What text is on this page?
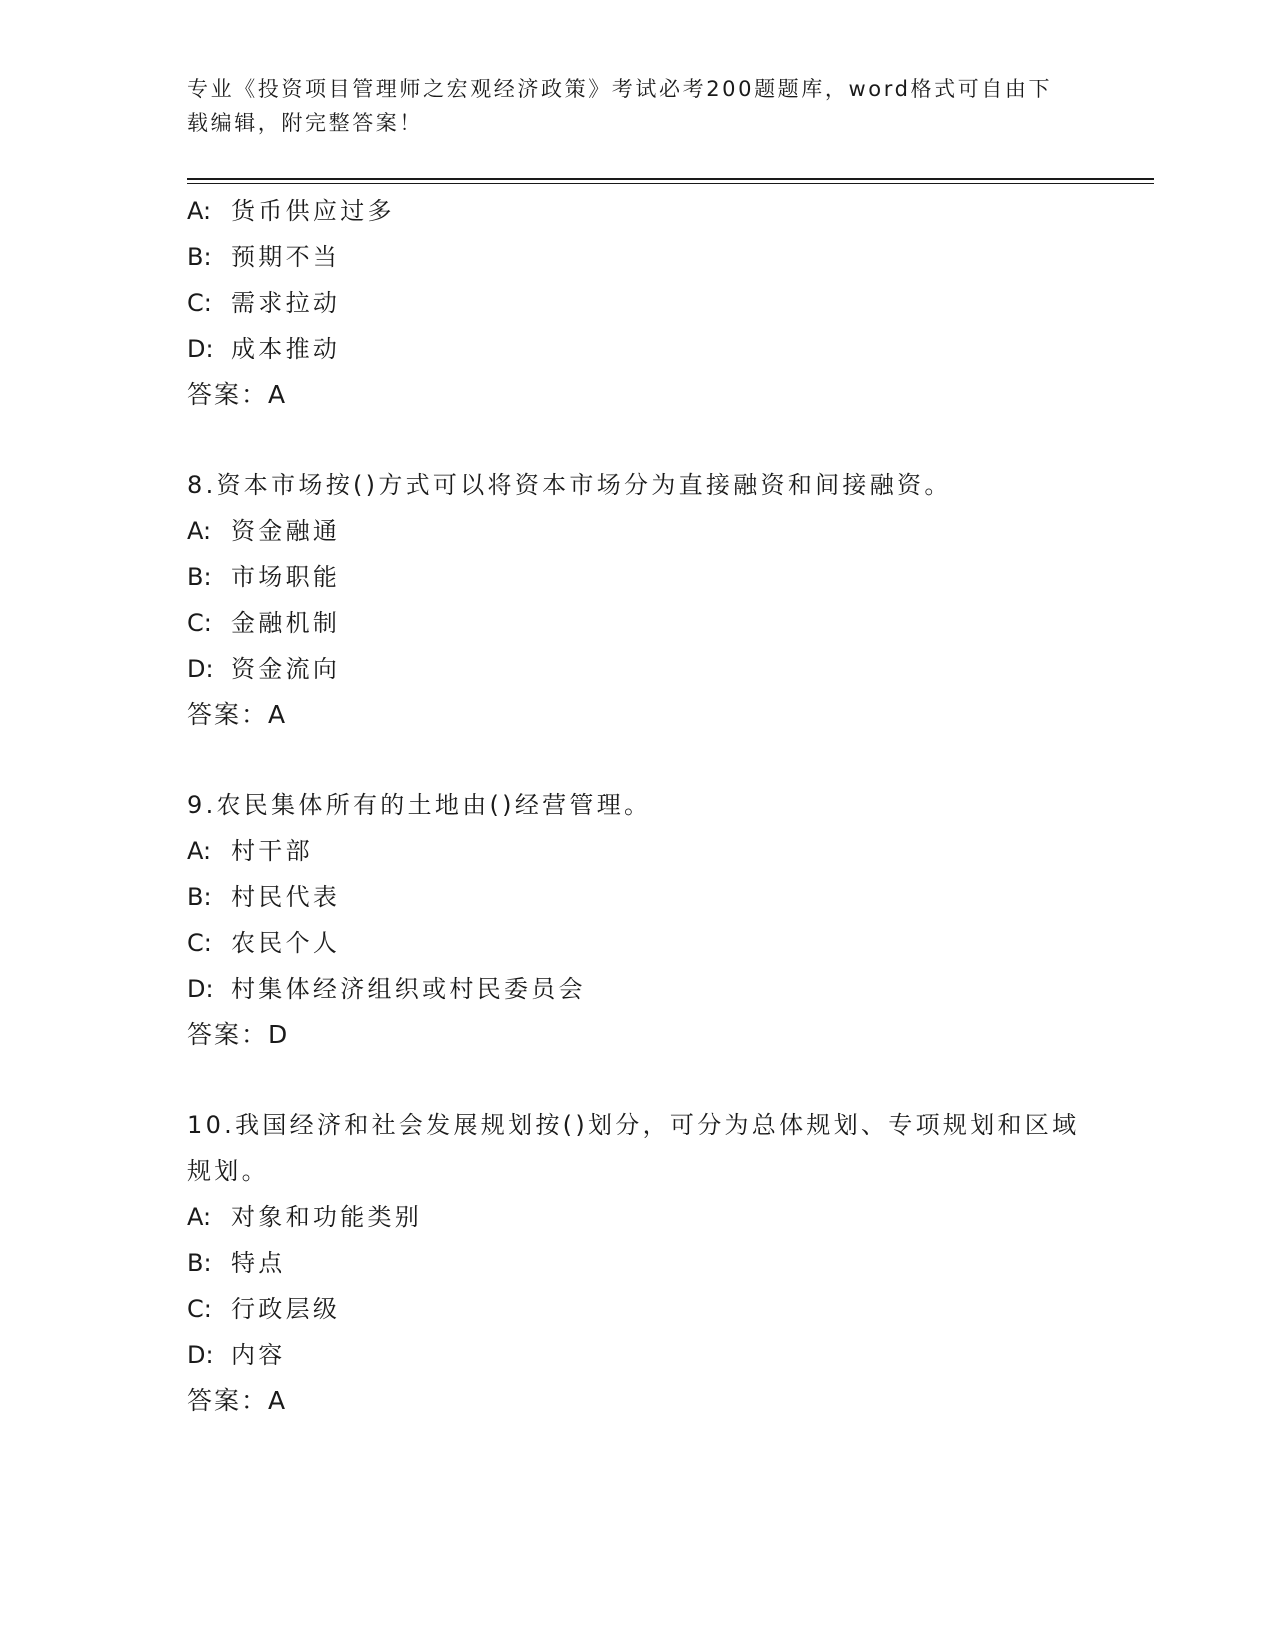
专业《投资项目管理师之宏观经济政策》考试必考200题题库，word格式可自由下载编辑，附完整答案！
A: 货币供应过多
B: 预期不当
C: 需求拉动
D: 成本推动
答案：A
8.资本市场按()方式可以将资本市场分为直接融资和间接融资。
A: 资金融通
B: 市场职能
C: 金融机制
D: 资金流向
答案：A
9.农民集体所有的土地由()经营管理。
A: 村干部
B: 村民代表
C: 农民个人
D: 村集体经济组织或村民委员会
答案：D
10.我国经济和社会发展规划按()划分，可分为总体规划、专项规划和区域规划。
A: 对象和功能类别
B: 特点
C: 行政层级
D: 内容
答案：A
